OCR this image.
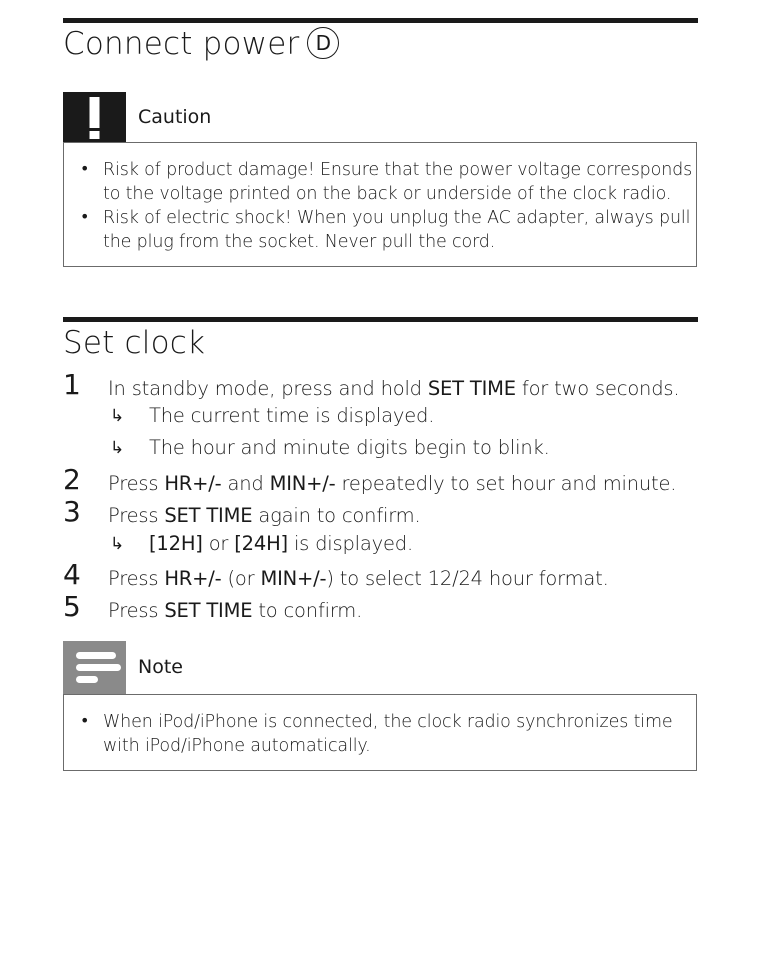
Connect power D
Caution
• Risk of product damage! Ensure that the power voltage corresponds to the voltage printed on the back or underside of the clock radio.
• Risk of electric shock! When you unplug the AC adapter, always pull the plug from the socket. Never pull the cord.
Set clock
1 In standby mode, press and hold SET TIME for two seconds.
↳ The current time is displayed.
↳ The hour and minute digits begin to blink.
2 Press HR+/- and MIN+/- repeatedly to set hour and minute.
3 Press SET TIME again to confirm.
↳ [12H] or [24H] is displayed.
4 Press HR+/- (or MIN+/-) to select 12/24 hour format.
5 Press SET TIME to confirm.
Note
• When iPod/iPhone is connected, the clock radio synchronizes time with iPod/iPhone automatically.
